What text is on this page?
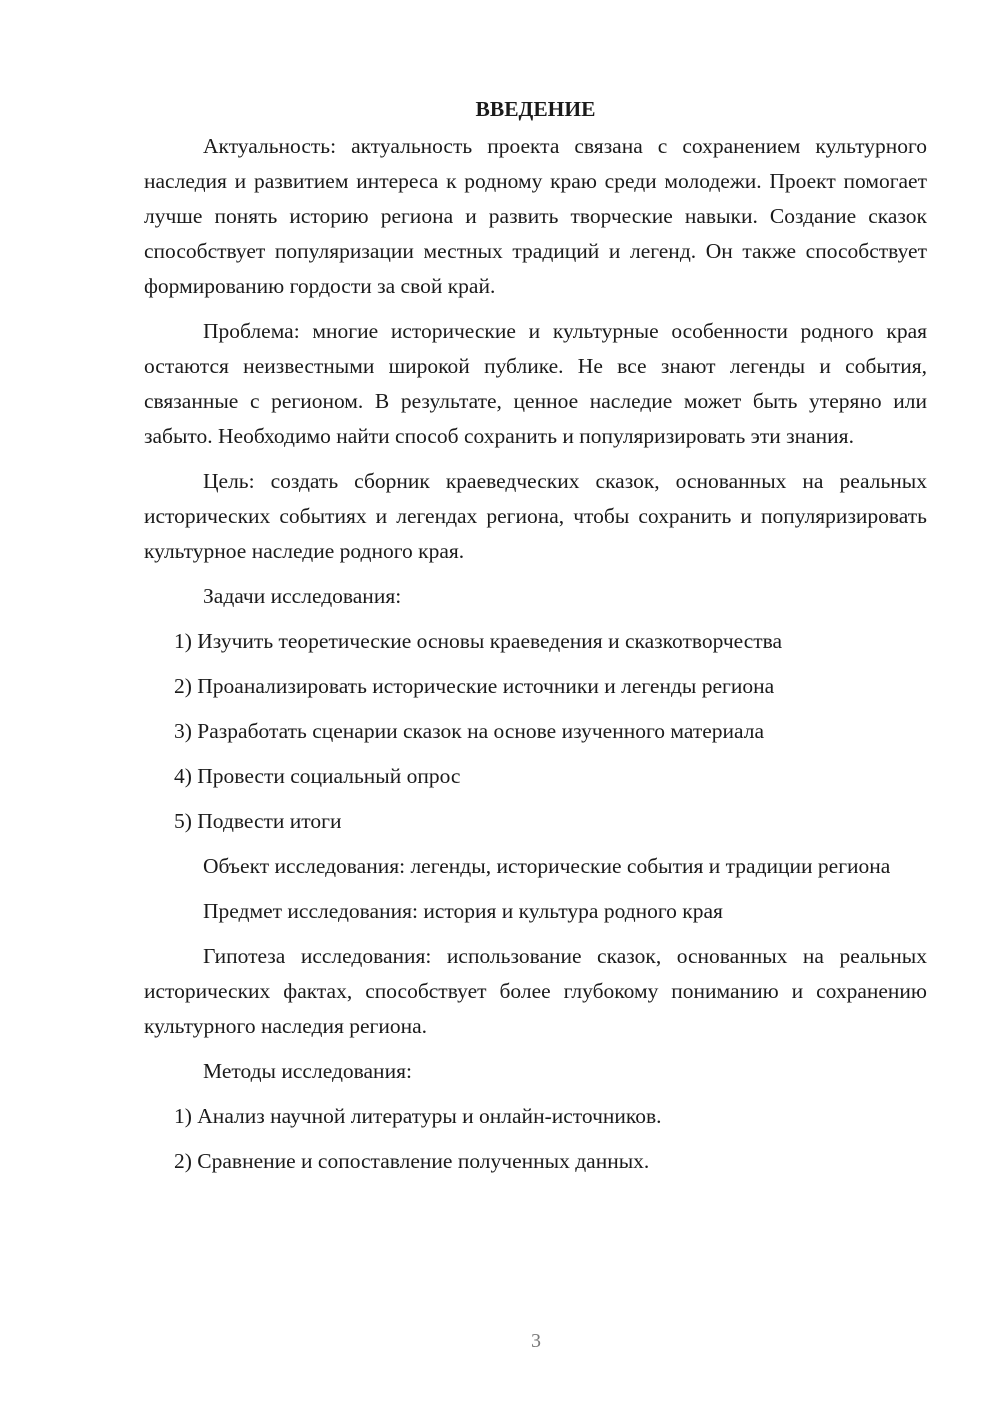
ВВЕДЕНИЕ

Актуальность: актуальность проекта связана с сохранением культурного наследия и развитием интереса к родному краю среди молодежи. Проект помогает лучше понять историю региона и развить творческие навыки. Создание сказок способствует популяризации местных традиций и легенд. Он также способствует формированию гордости за свой край.

Проблема: многие исторические и культурные особенности родного края остаются неизвестными широкой публике. Не все знают легенды и события, связанные с регионом. В результате, ценное наследие может быть утеряно или забыто. Необходимо найти способ сохранить и популяризировать эти знания.

Цель: создать сборник краеведческих сказок, основанных на реальных исторических событиях и легендах региона, чтобы сохранить и популяризировать культурное наследие родного края.

Задачи исследования:

1) Изучить теоретические основы краеведения и сказкотворчества
2) Проанализировать исторические источники и легенды региона
3) Разработать сценарии сказок на основе изученного материала
4) Провести социальный опрос
5) Подвести итоги

Объект исследования: легенды, исторические события и традиции региона

Предмет исследования: история и культура родного края

Гипотеза исследования: использование сказок, основанных на реальных исторических фактах, способствует более глубокому пониманию и сохранению культурного наследия региона.

Методы исследования:

1) Анализ научной литературы и онлайн-источников.
2) Сравнение и сопоставление полученных данных.
3
